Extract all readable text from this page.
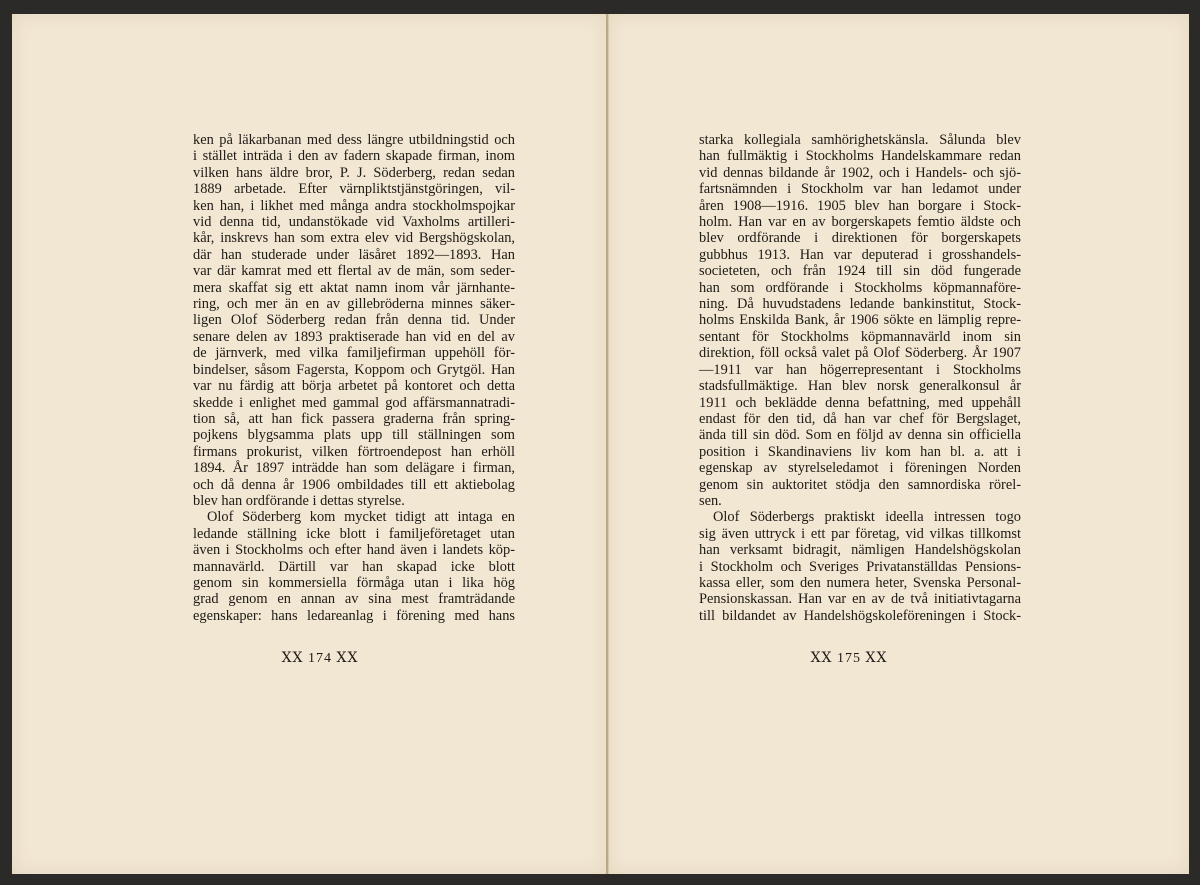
ken på läkarbanan med dess längre utbildningstid och
i stället inträda i den av fadern skapade firman, inom
vilken hans äldre bror, P. J. Söderberg, redan sedan
1889 arbetade. Efter värnpliktstjänstgöringen, vil-
ken han, i likhet med många andra stockholmspojkar
vid denna tid, undanstökade vid Vaxholms artilleri-
kår, inskrevs han som extra elev vid Bergshögskolan,
där han studerade under läsåret 1892—1893. Han
var där kamrat med ett flertal av de män, som seder-
mera skaffat sig ett aktat namn inom vår järnhante-
ring, och mer än en av gillebröderna minnes säker-
ligen Olof Söderberg redan från denna tid. Under
senare delen av 1893 praktiserade han vid en del av
de järnverk, med vilka familjefirman uppehöll för-
bindelser, såsom Fagersta, Koppom och Grytgöl. Han
var nu färdig att börja arbetet på kontoret och detta
skedde i enlighet med gammal god affärsmannatradi-
tion så, att han fick passera graderna från spring-
pojkens blygsamma plats upp till ställningen som
firmans prokurist, vilken förtroendepost han erhöll
1894. År 1897 inträdde han som delägare i firman,
och då denna år 1906 ombildades till ett aktiebolag
blev han ordförande i dettas styrelse.
Olof Söderberg kom mycket tidigt att intaga en
ledande ställning icke blott i familjeföretaget utan
även i Stockholms och efter hand även i landets köp-
mannavärld. Därtill var han skapad icke blott
genom sin kommersiella förmåga utan i lika hög
grad genom en annan av sina mest framträdande
egenskaper: hans ledareanlag i förening med hans
ⅩⅩ 174 ⅩⅩ
starka kollegiala samhörighetskänsla. Sålunda blev
han fullmäktig i Stockholms Handelskammare redan
vid dennas bildande år 1902, och i Handels- och sjö-
fartsnämnden i Stockholm var han ledamot under
åren 1908—1916. 1905 blev han borgare i Stock-
holm. Han var en av borgerskapets femtio äldste och
blev ordförande i direktionen för borgerskapets
gubbhus 1913. Han var deputerad i grosshandels-
societeten, och från 1924 till sin död fungerade
han som ordförande i Stockholms köpmannaföre-
ning. Då huvudstadens ledande bankinstitut, Stock-
holms Enskilda Bank, år 1906 sökte en lämplig repre-
sentant för Stockholms köpmannavärld inom sin
direktion, föll också valet på Olof Söderberg. År 1907
—1911 var han högerrepresentant i Stockholms
stadsfullmäktige. Han blev norsk generalkonsul år
1911 och beklädde denna befattning, med uppehåll
endast för den tid, då han var chef för Bergslaget,
ända till sin död. Som en följd av denna sin officiella
position i Skandinaviens liv kom han bl. a. att i
egenskap av styrelseledamot i föreningen Norden
genom sin auktoritet stödja den samnordiska rörel-
sen.
Olof Söderbergs praktiskt ideella intressen togo
sig även uttryck i ett par företag, vid vilkas tillkomst
han verksamt bidragit, nämligen Handelshögskolan
i Stockholm och Sveriges Privatanställdas Pensions-
kassa eller, som den numera heter, Svenska Personal-
Pensionskassan. Han var en av de två initiativtagarna
till bildandet av Handelshögskoleföreningen i Stock-
ⅩⅩ 175 ⅩⅩ
